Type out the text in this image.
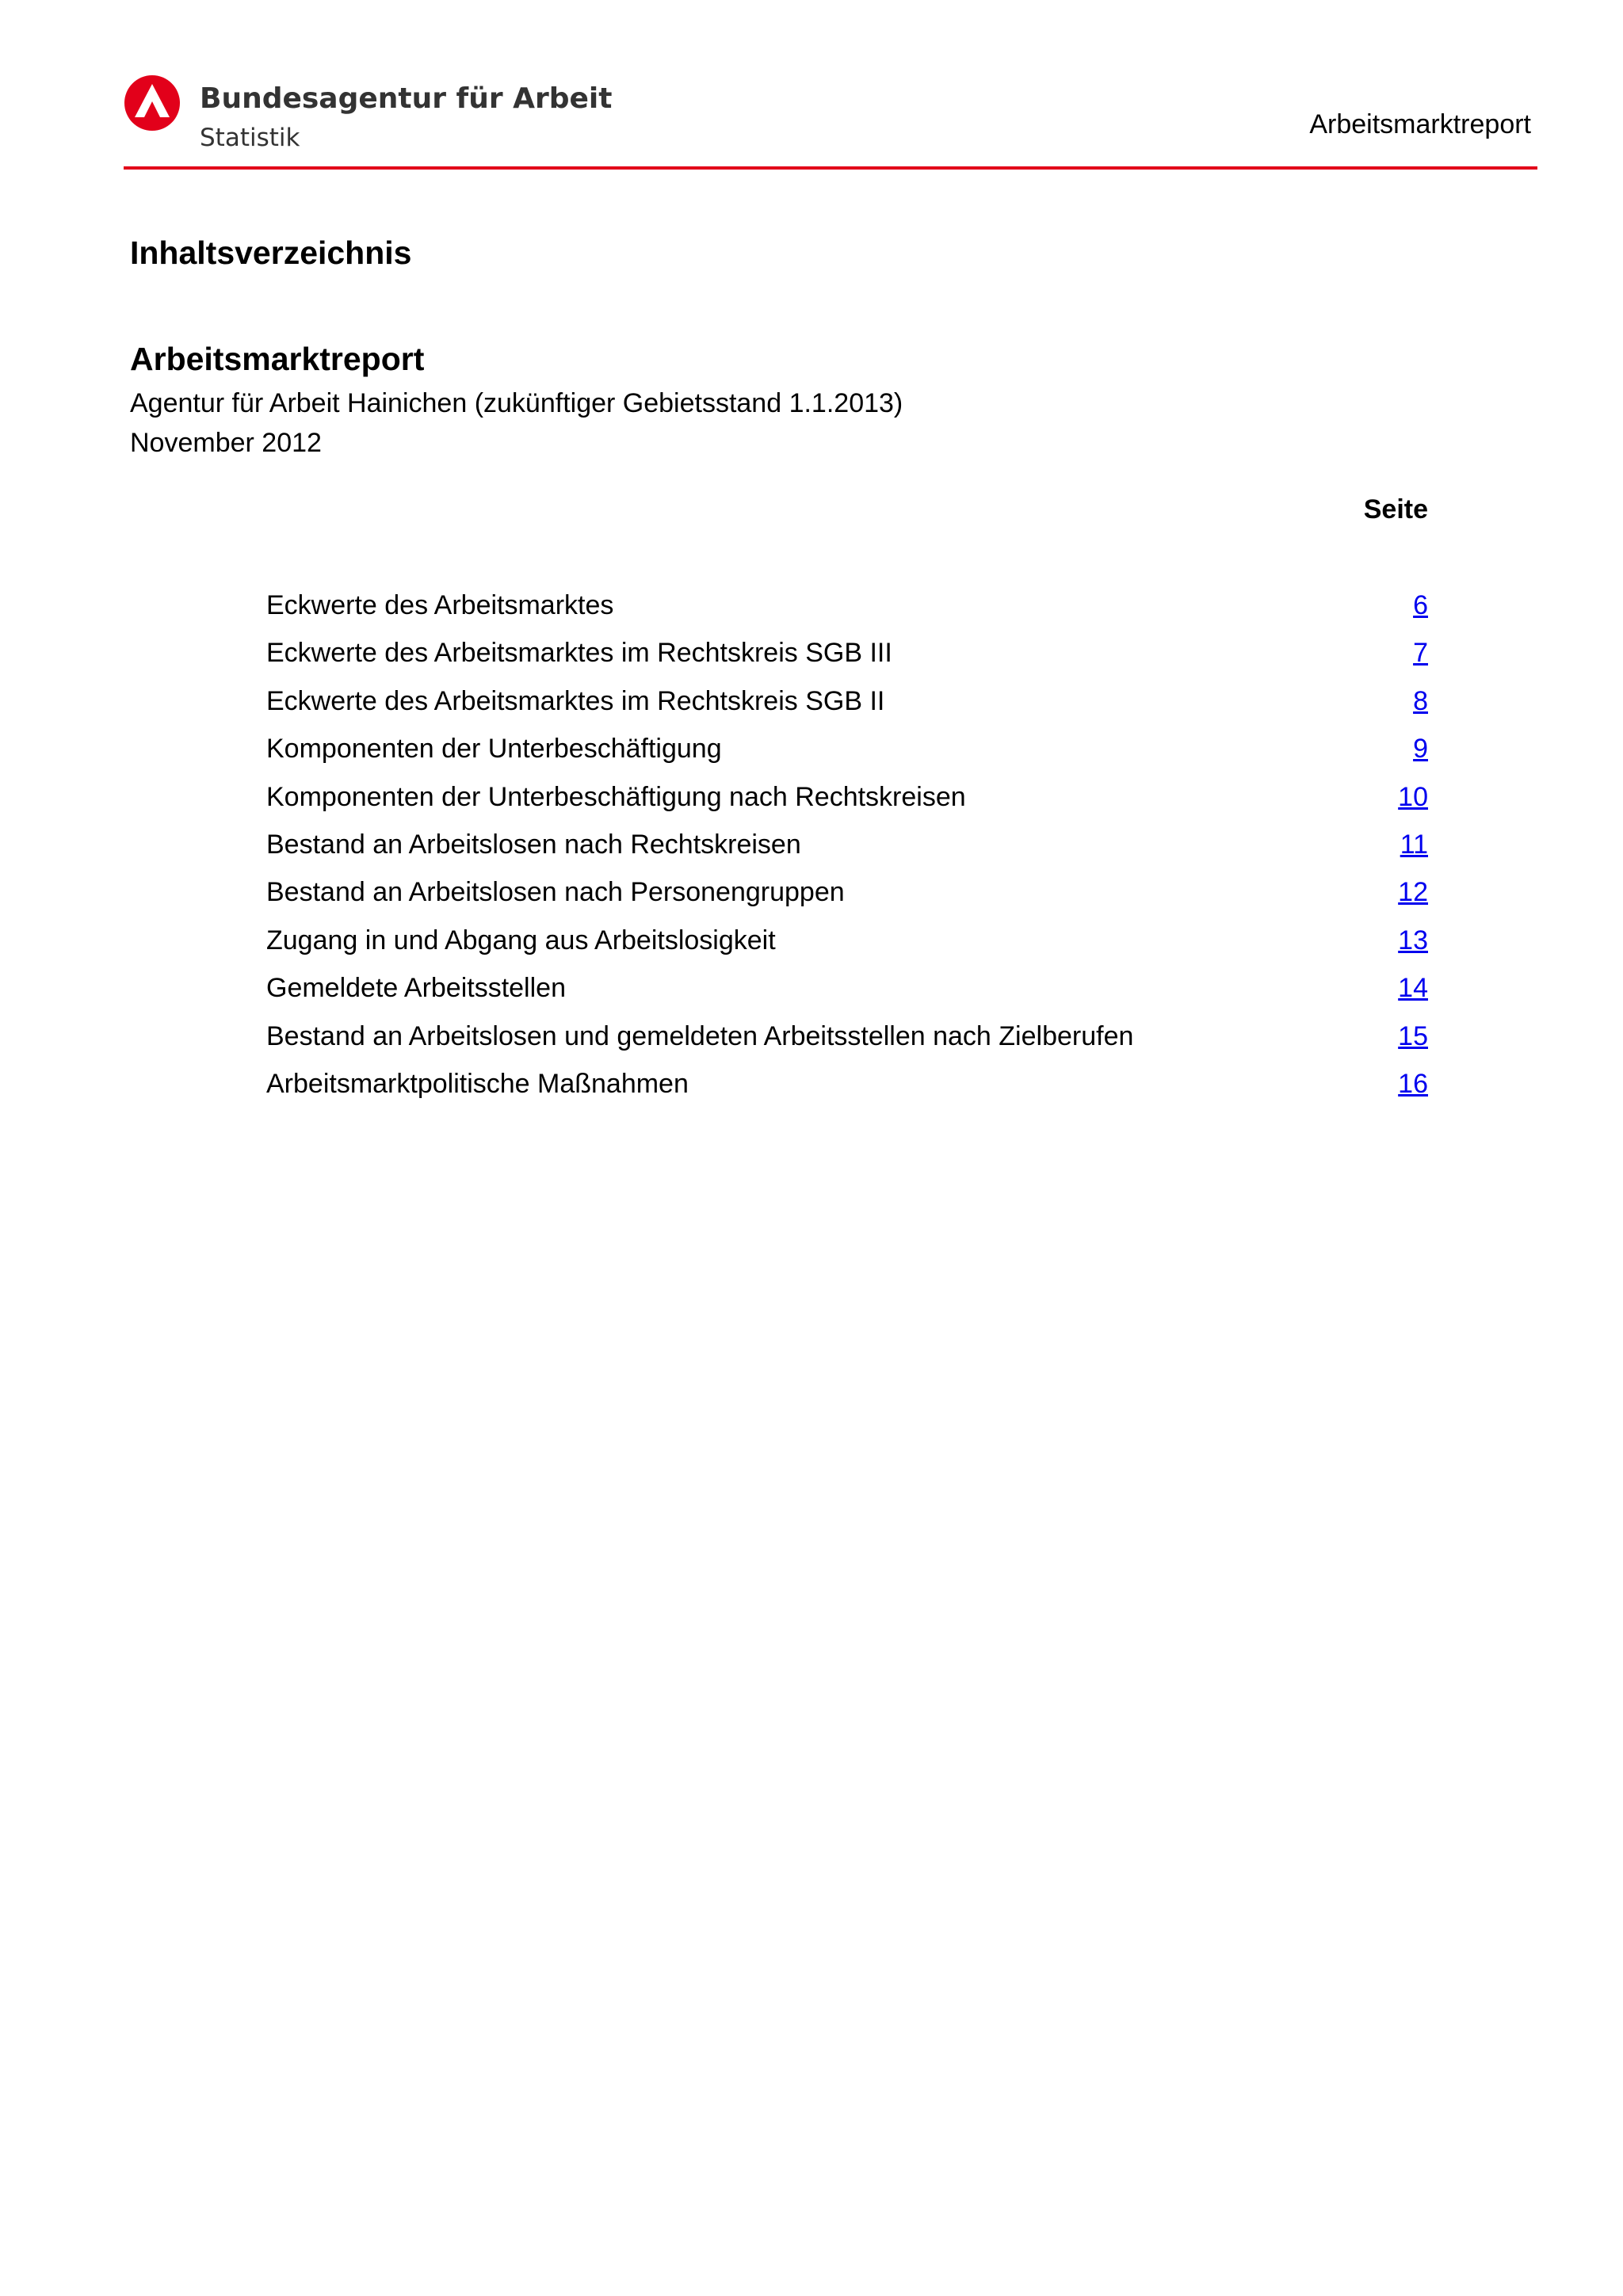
Bundesagentur für Arbeit
Statistik	Arbeitsmarktreport
Inhaltsverzeichnis
Arbeitsmarktreport
Agentur für Arbeit Hainichen (zukünftiger Gebietsstand 1.1.2013)
November 2012
Seite
Eckwerte des Arbeitsmarktes	6
Eckwerte des Arbeitsmarktes im Rechtskreis SGB III	7
Eckwerte des Arbeitsmarktes im Rechtskreis SGB II	8
Komponenten der Unterbeschäftigung	9
Komponenten der Unterbeschäftigung nach Rechtskreisen	10
Bestand an Arbeitslosen nach Rechtskreisen	11
Bestand an Arbeitslosen nach Personengruppen	12
Zugang in und Abgang aus Arbeitslosigkeit	13
Gemeldete Arbeitsstellen	14
Bestand an Arbeitslosen und gemeldeten Arbeitsstellen nach Zielberufen	15
Arbeitsmarktpolitische Maßnahmen	16
